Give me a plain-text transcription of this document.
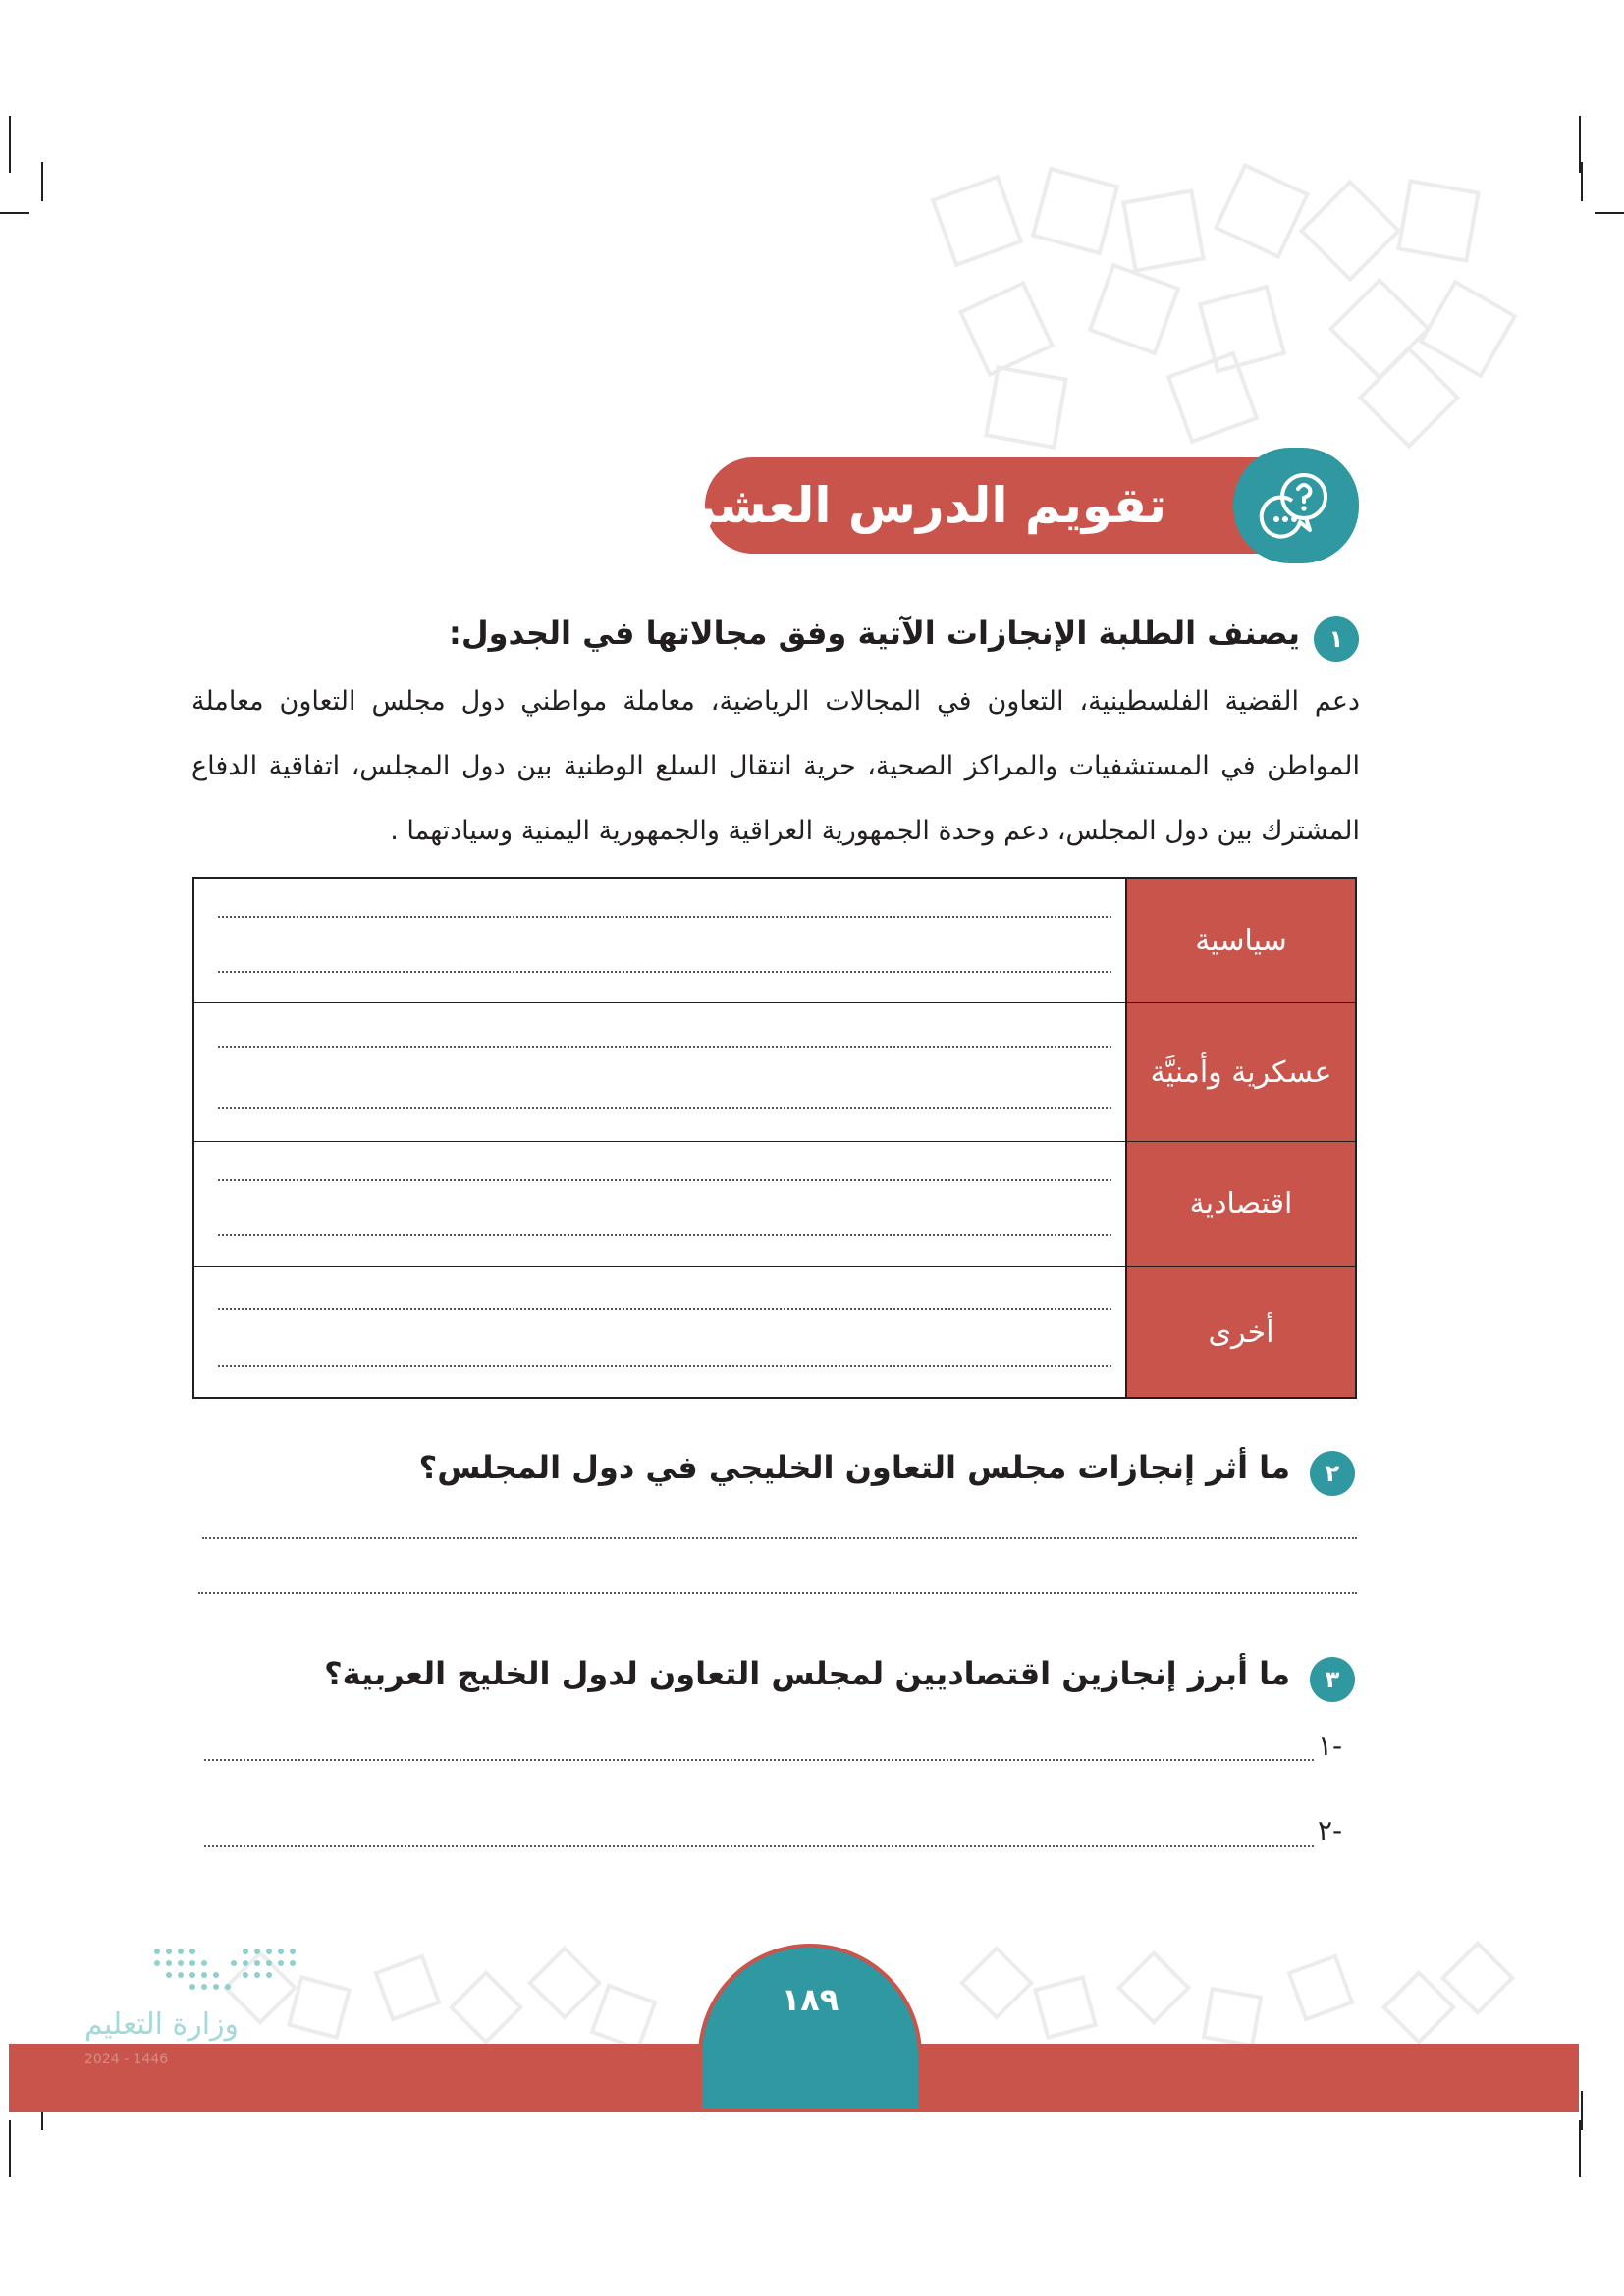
تقويم الدرس العشرين
١
يصنف الطلبة الإنجازات الآتية وفق مجالاتها في الجدول:
دعم القضية الفلسطينية، التعاون في المجالات الرياضية، معاملة مواطني دول مجلس التعاون معاملة المواطن في المستشفيات والمراكز الصحية، حرية انتقال السلع الوطنية بين دول المجلس، اتفاقية الدفاع المشترك بين دول المجلس، دعم وحدة الجمهورية العراقية والجمهورية اليمنية وسيادتهما .
سياسية
عسكرية وأمنيَّة
اقتصادية
أخرى
٢
ما أثر إنجازات مجلس التعاون الخليجي في دول المجلس؟
٣
ما أبرز إنجازين اقتصاديين لمجلس التعاون لدول الخليج العربية؟
-١
-٢
١٨٩
وزارة التعليم
2024 - 1446
